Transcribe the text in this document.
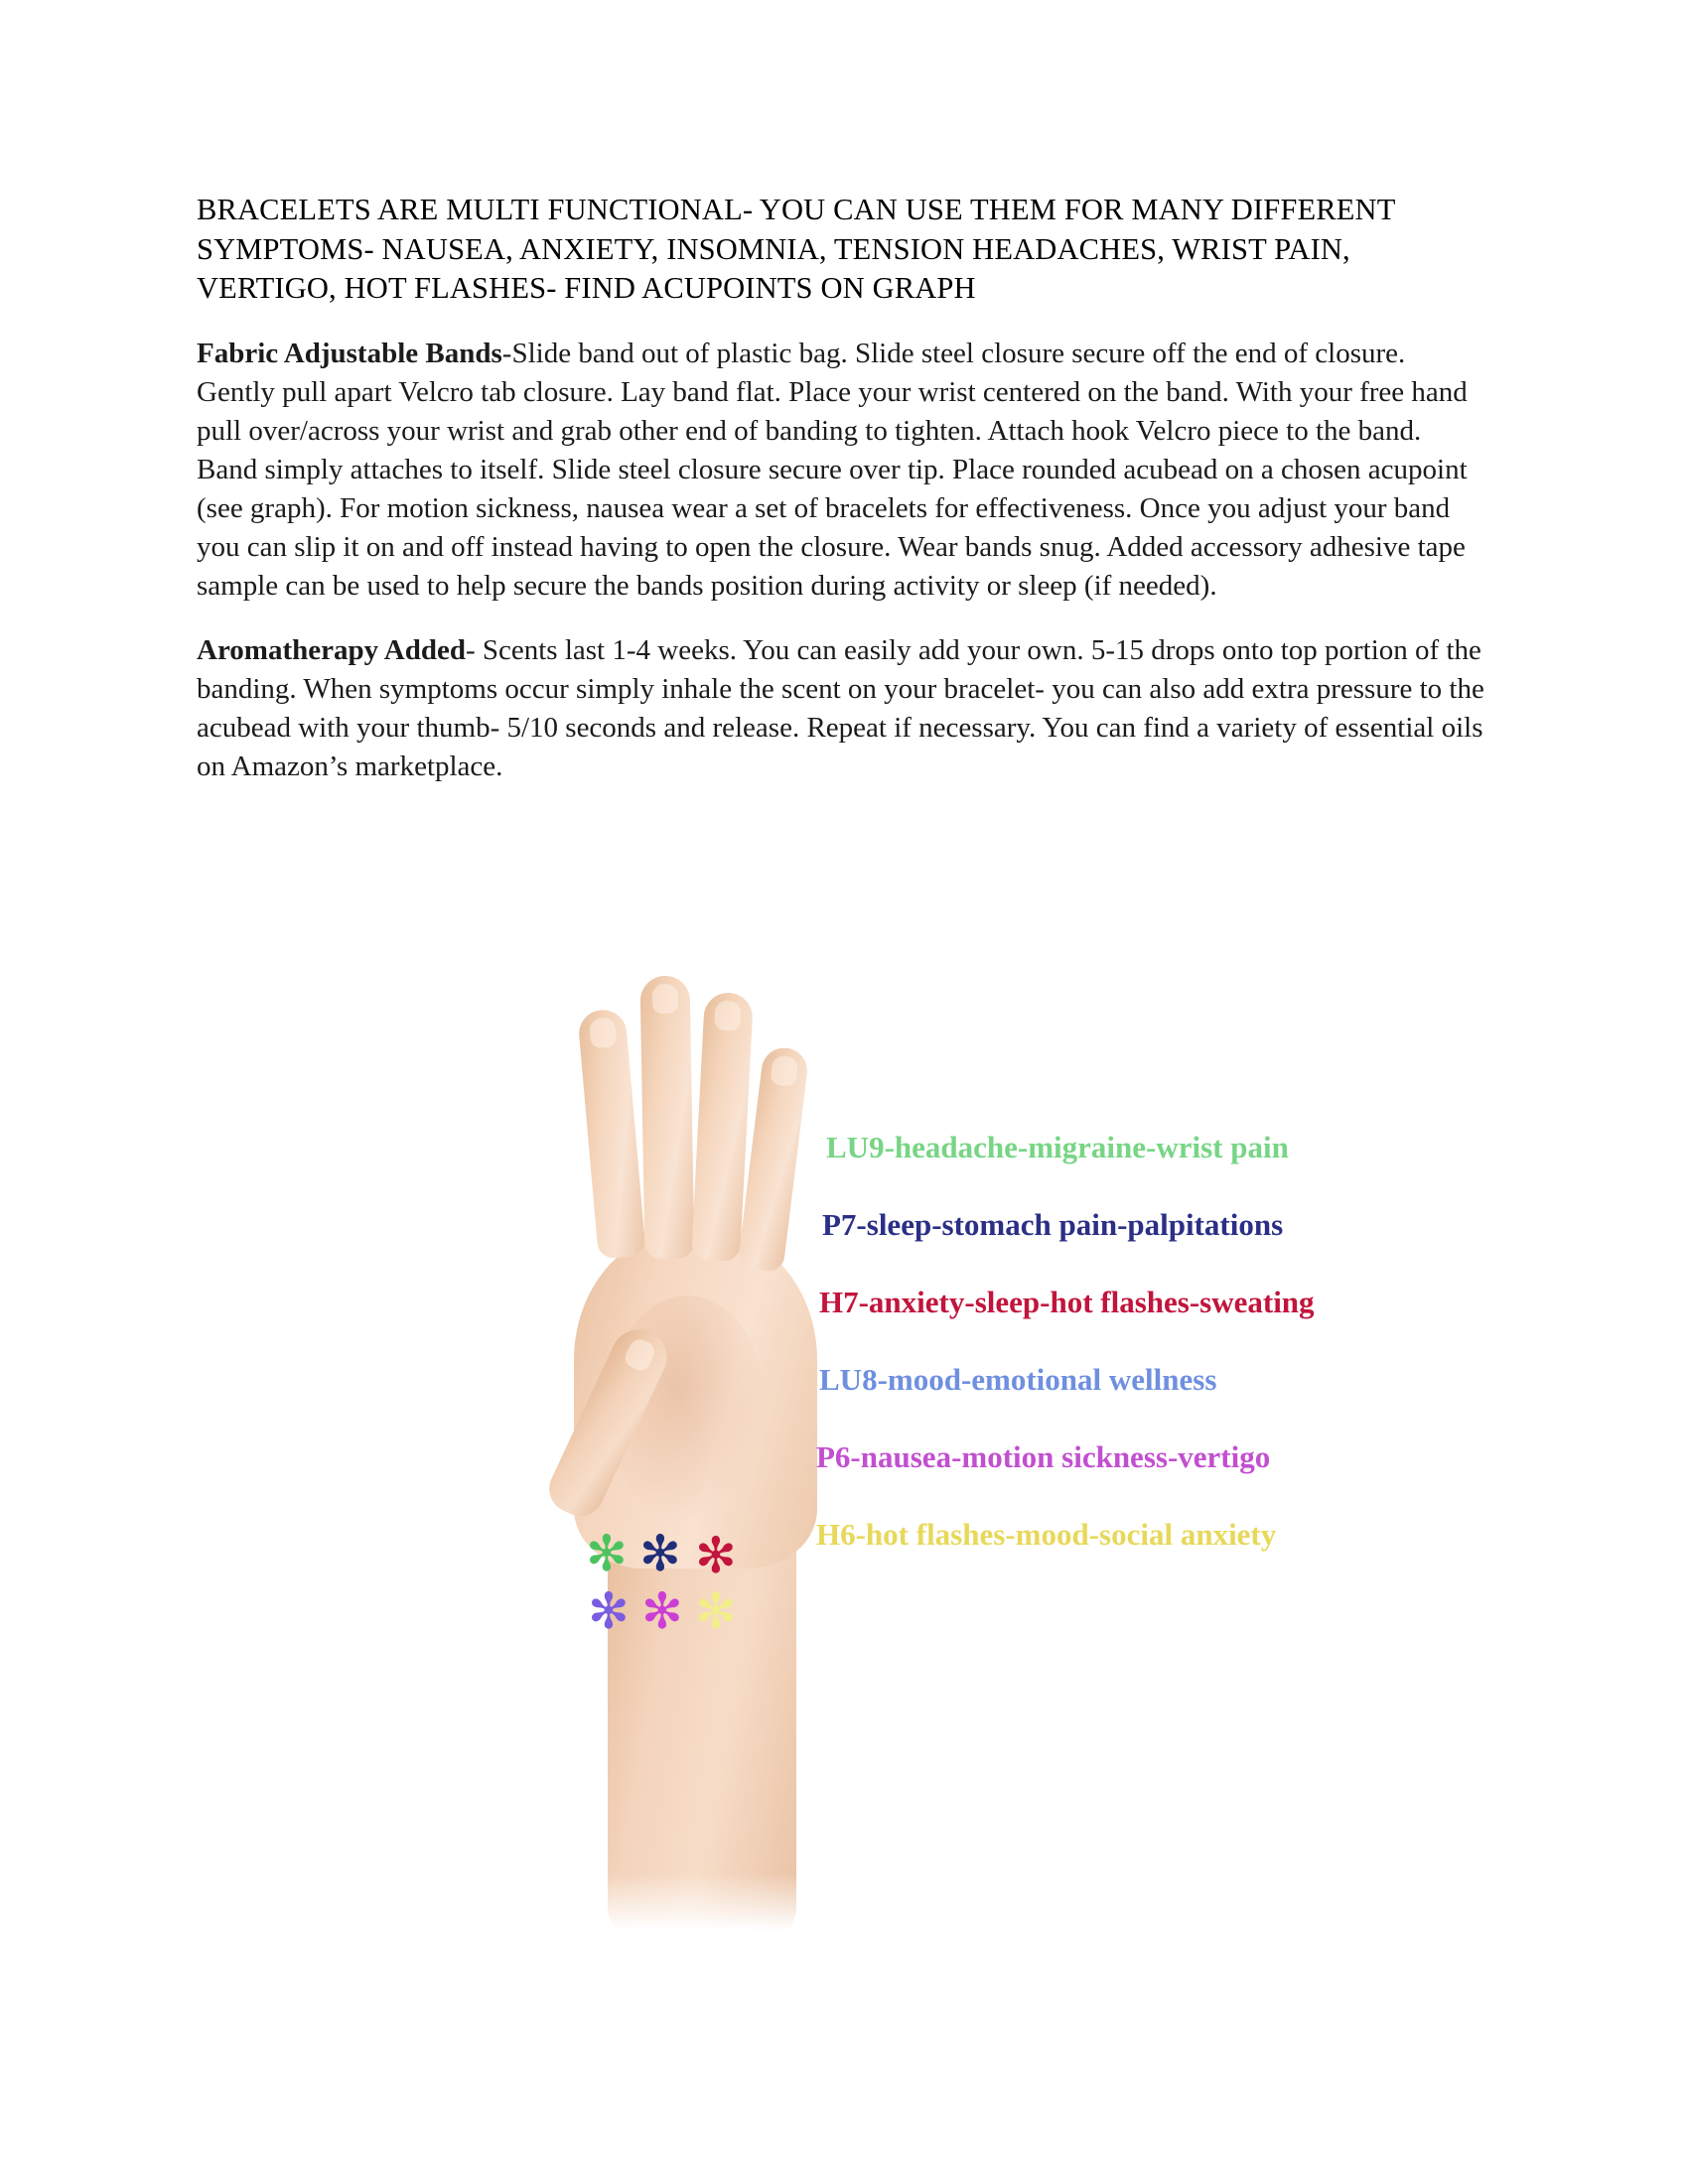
BRACELETS ARE MULTI FUNCTIONAL- YOU CAN USE THEM FOR MANY DIFFERENT SYMPTOMS- NAUSEA, ANXIETY, INSOMNIA, TENSION HEADACHES, WRIST PAIN, VERTIGO, HOT FLASHES- FIND ACUPOINTS ON GRAPH

Fabric Adjustable Bands-Slide band out of plastic bag. Slide steel closure secure off the end of closure. Gently pull apart Velcro tab closure. Lay band flat. Place your wrist centered on the band. With your free hand pull over/across your wrist and grab other end of banding to tighten. Attach hook Velcro piece to the band. Band simply attaches to itself. Slide steel closure secure over tip. Place rounded acubead on a chosen acupoint (see graph). For motion sickness, nausea wear a set of bracelets for effectiveness. Once you adjust your band you can slip it on and off instead having to open the closure. Wear bands snug. Added accessory adhesive tape sample can be used to help secure the bands position during activity or sleep (if needed).

Aromatherapy Added- Scents last 1-4 weeks. You can easily add your own. 5-15 drops onto top portion of the banding. When symptoms occur simply inhale the scent on your bracelet- you can also add extra pressure to the acubead with your thumb- 5/10 seconds and release. Repeat if necessary. You can find a variety of essential oils on Amazon’s marketplace.

✻ ✻ ✻
✻ ✻ ✻
LU9-headache-migraine-wrist pain
P7-sleep-stomach pain-palpitations
H7-anxiety-sleep-hot flashes-sweating
LU8-mood-emotional wellness
P6-nausea-motion sickness-vertigo
H6-hot flashes-mood-social anxiety
